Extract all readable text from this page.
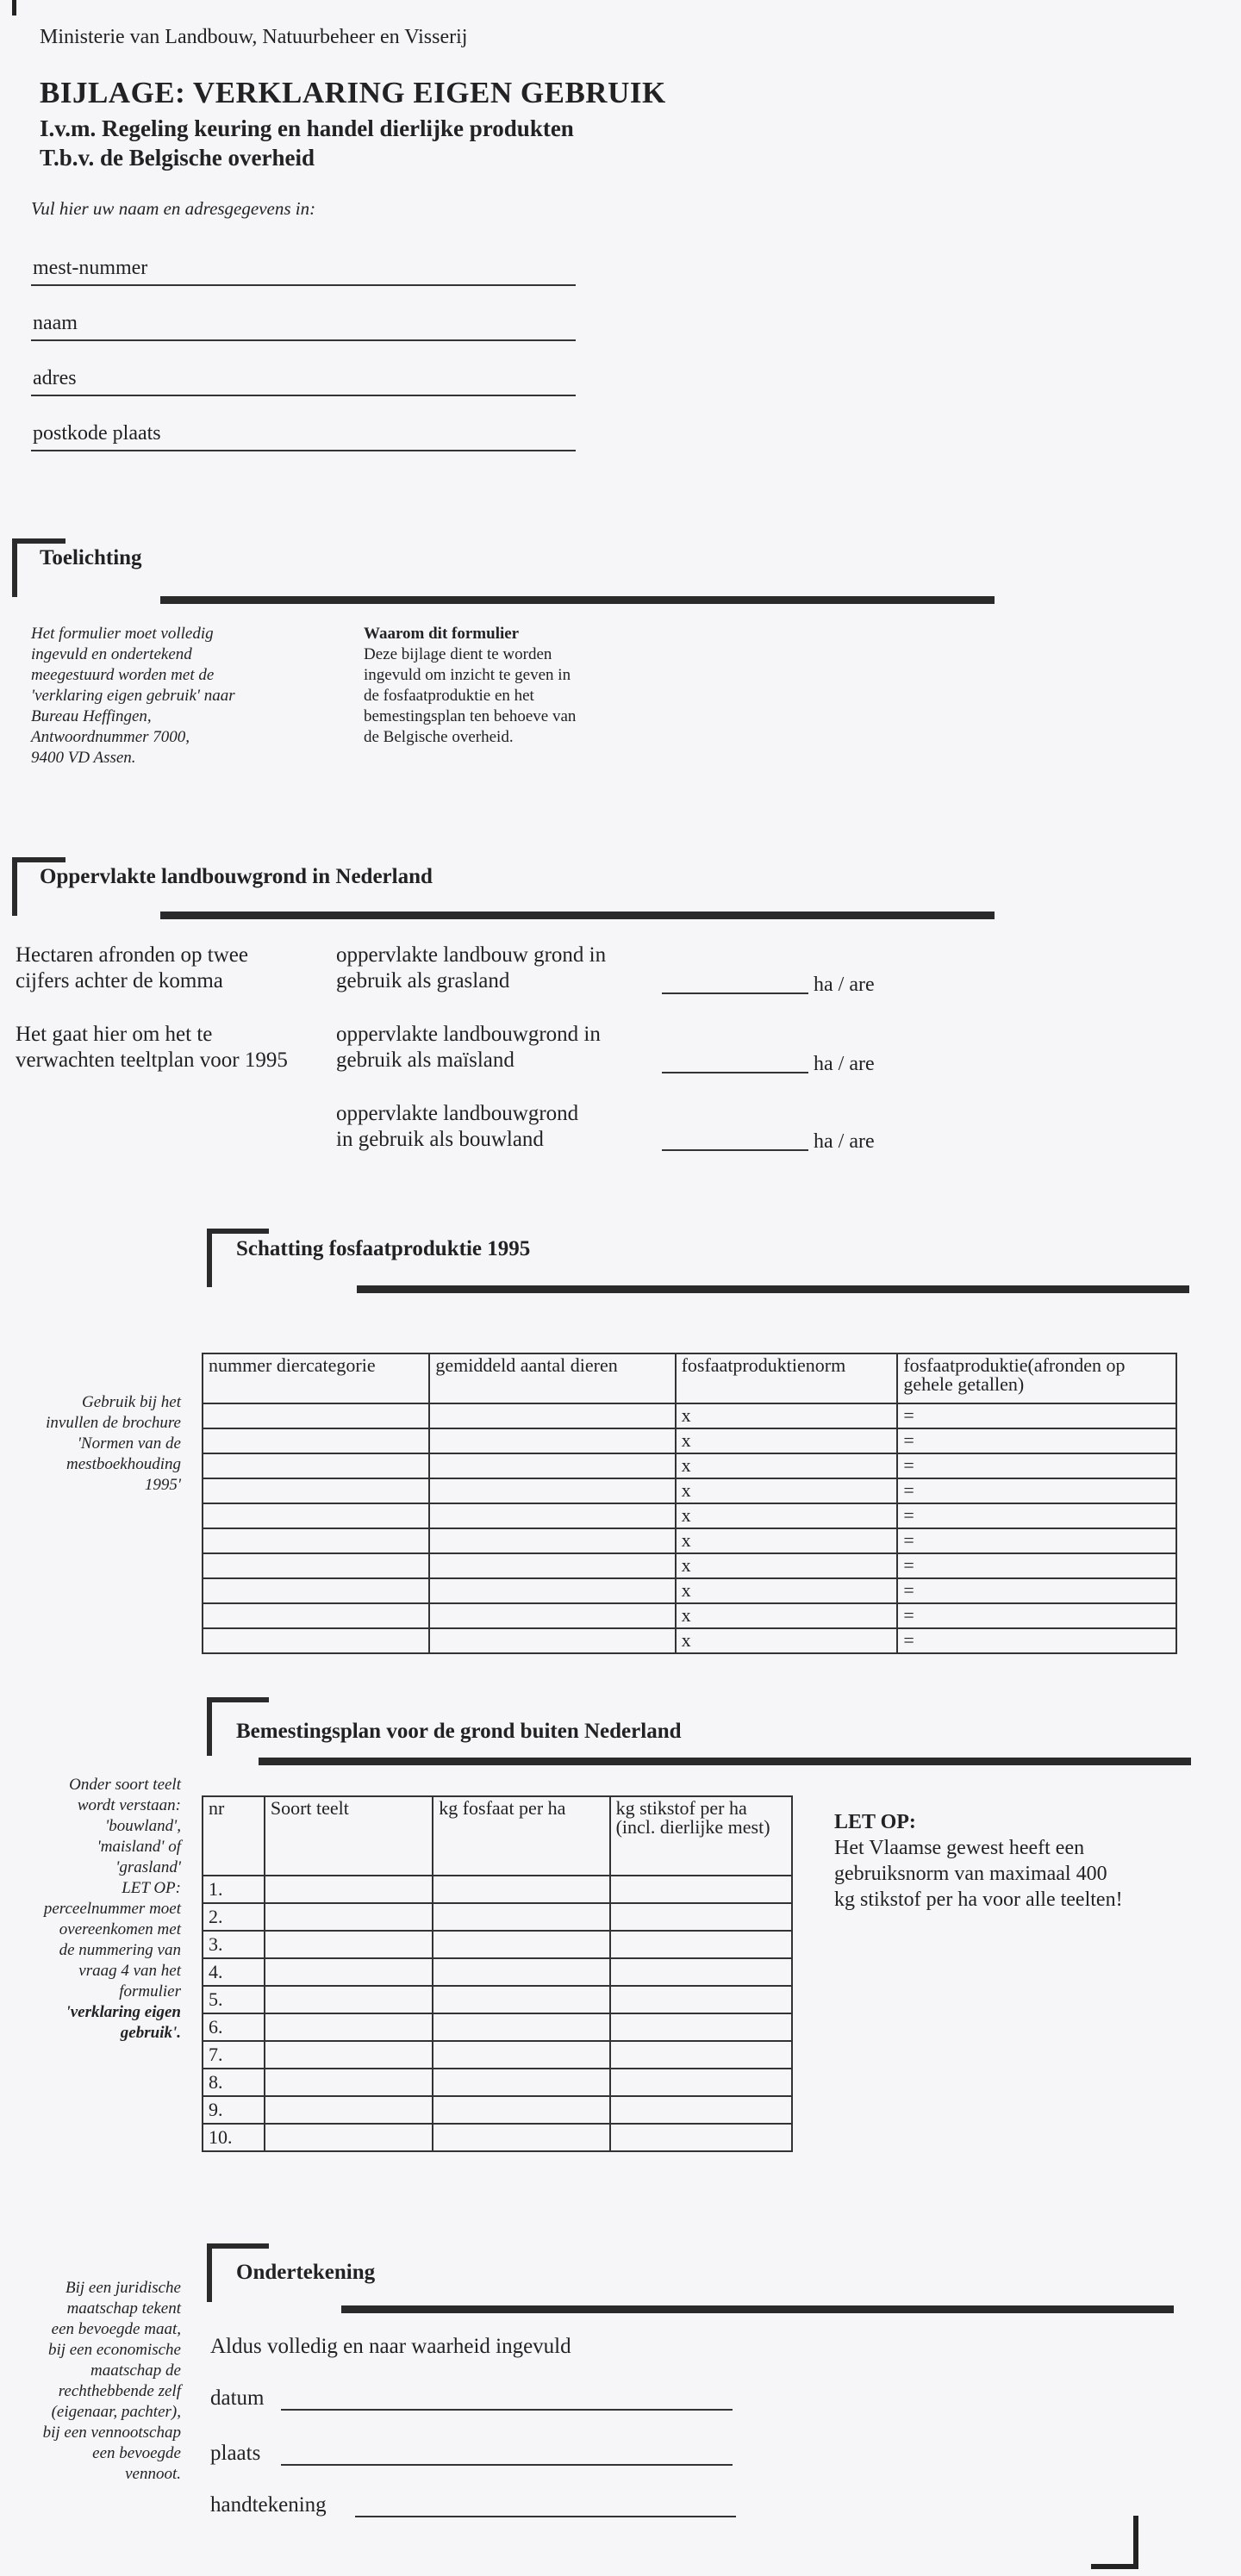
Ministerie van Landbouw, Natuurbeheer en Visserij
BIJLAGE: VERKLARING EIGEN GEBRUIK
I.v.m. Regeling keuring en handel dierlijke produkten
T.b.v. de Belgische overheid
Vul hier uw naam en adresgegevens in:
mest-nummer
naam
adres
postkode plaats
Toelichting
Het formulier moet volledig
ingevuld en ondertekend
meegestuurd worden met de
'verklaring eigen gebruik' naar
Bureau Heffingen,
Antwoordnummer 7000,
9400 VD Assen.
Waarom dit formulier
Deze bijlage dient te worden
ingevuld om inzicht te geven in
de fosfaatproduktie en het
bemestingsplan ten behoeve van
de Belgische overheid.
Oppervlakte landbouwgrond in Nederland
Hectaren afronden op twee
cijfers achter de komma
Het gaat hier om het te
verwachten teeltplan voor 1995
oppervlakte landbouw grond in
gebruik als grasland	ha / are
oppervlakte landbouwgrond in
gebruik als maïsland	ha / are
oppervlakte landbouwgrond
in gebruik als bouwland	ha / are
Schatting fosfaatproduktie 1995
Gebruik bij het
invullen de brochure
'Normen van de
mestboekhouding
1995'
nummer diercategorie	gemiddeld aantal dieren	fosfaatproduktienorm	fosfaatproduktie(afronden op gehele getallen)
		x	=
		x	=
		x	=
		x	=
		x	=
		x	=
		x	=
		x	=
		x	=
		x	=
Bemestingsplan voor de grond buiten Nederland
Onder soort teelt
wordt verstaan:
'bouwland',
'maisland' of
'grasland'
LET OP:
perceelnummer moet
overeenkomen met
de nummering van
vraag 4 van het
formulier
'verklaring eigen
gebruik'.
nr	Soort teelt	kg fosfaat per ha	kg stikstof per ha (incl. dierlijke mest)
1.			
2.			
3.			
4.			
5.			
6.			
7.			
8.			
9.			
10.			
LET OP:
Het Vlaamse gewest heeft een
gebruiksnorm van maximaal 400
kg stikstof per ha voor alle teelten!
Ondertekening
Bij een juridische
maatschap tekent
een bevoegde maat,
bij een economische
maatschap de
rechthebbende zelf
(eigenaar, pachter),
bij een vennootschap
een bevoegde
vennoot.
Aldus volledig en naar waarheid ingevuld
datum
plaats
handtekening
